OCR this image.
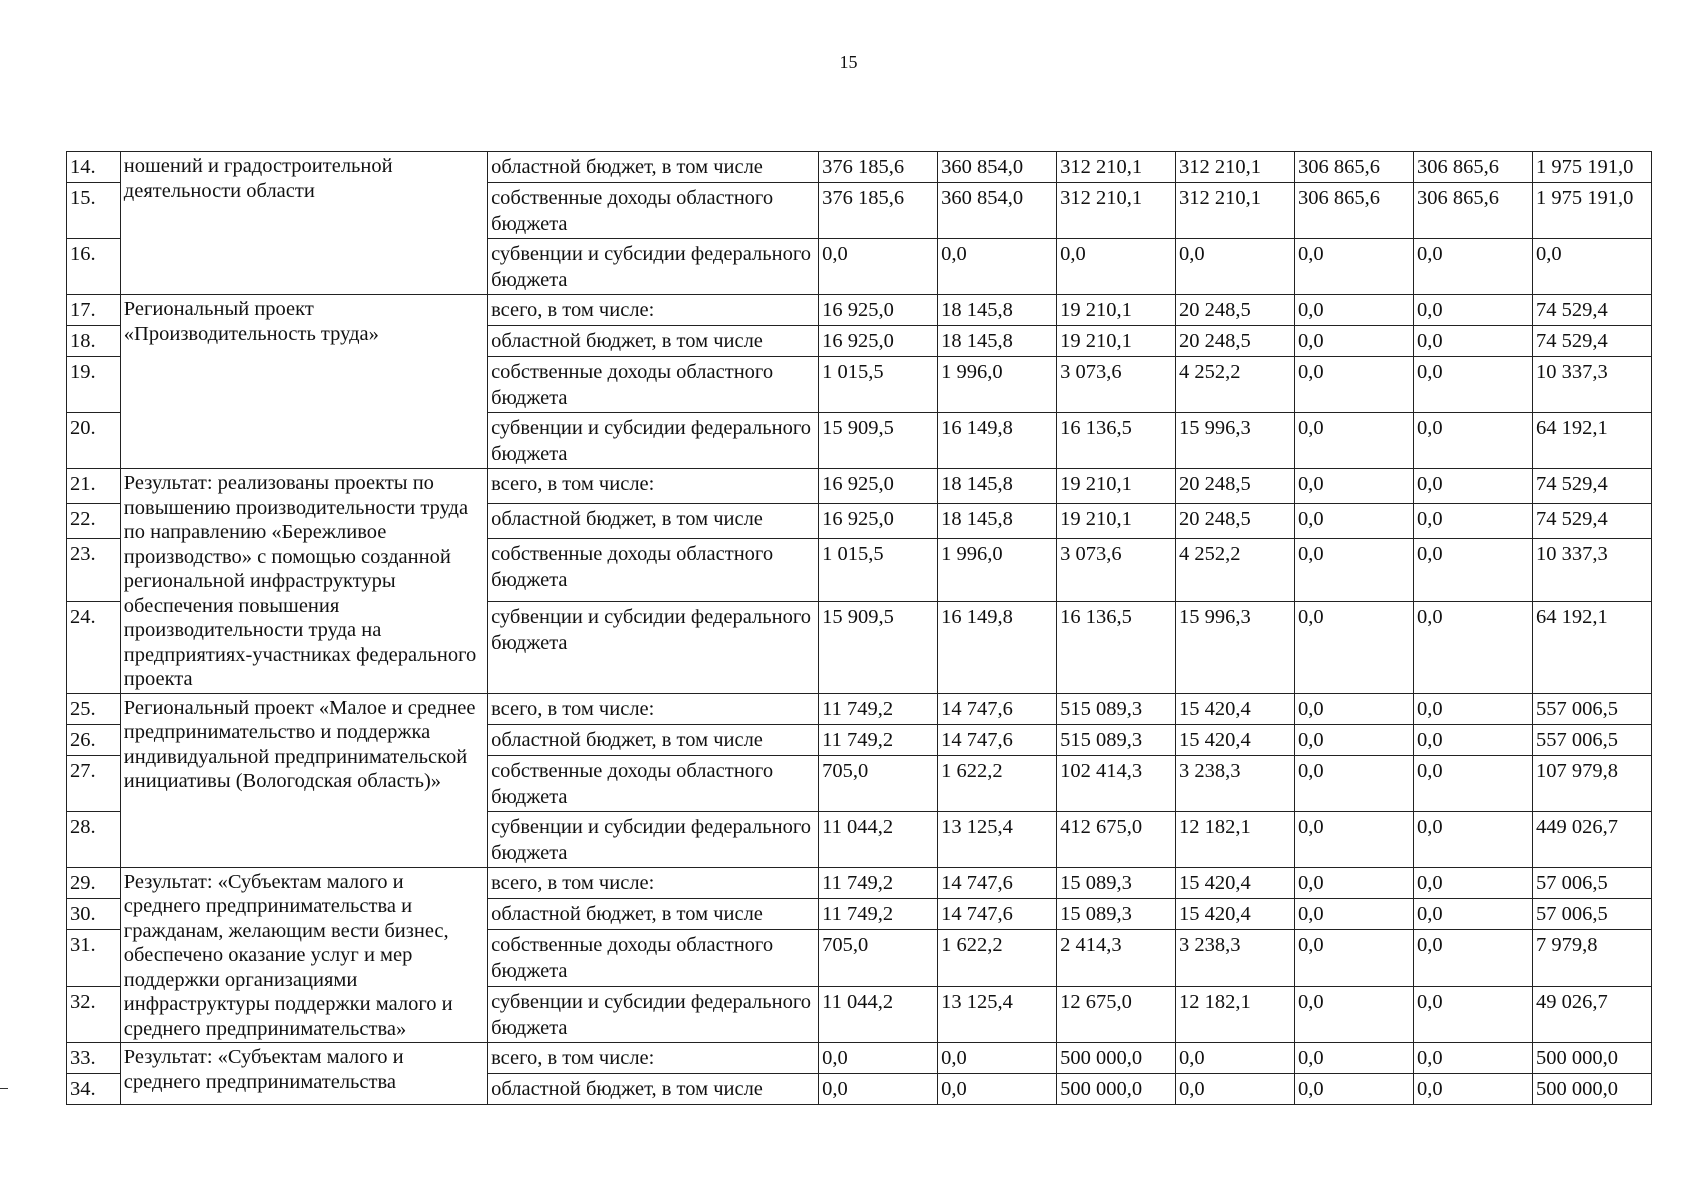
15
14.	ношений и градостроительной деятельности области	областной бюджет, в том числе	376 185,6	360 854,0	312 210,1	312 210,1	306 865,6	306 865,6	1 975 191,0
15.		собственные доходы областного бюджета	376 185,6	360 854,0	312 210,1	312 210,1	306 865,6	306 865,6	1 975 191,0
16.		субвенции и субсидии федерального бюджета	0,0	0,0	0,0	0,0	0,0	0,0	0,0
17.	Региональный проект «Производительность труда»	всего, в том числе:	16 925,0	18 145,8	19 210,1	20 248,5	0,0	0,0	74 529,4
18.		областной бюджет, в том числе	16 925,0	18 145,8	19 210,1	20 248,5	0,0	0,0	74 529,4
19.		собственные доходы областного бюджета	1 015,5	1 996,0	3 073,6	4 252,2	0,0	0,0	10 337,3
20.		субвенции и субсидии федерального бюджета	15 909,5	16 149,8	16 136,5	15 996,3	0,0	0,0	64 192,1
21.	Результат: реализованы проекты по повышению производительности труда по направлению «Бережливое производство» с помощью созданной региональной инфраструктуры обеспечения повышения производительности труда на предприятиях-участниках федерального проекта	всего, в том числе:	16 925,0	18 145,8	19 210,1	20 248,5	0,0	0,0	74 529,4
22.		областной бюджет, в том числе	16 925,0	18 145,8	19 210,1	20 248,5	0,0	0,0	74 529,4
23.		собственные доходы областного бюджета	1 015,5	1 996,0	3 073,6	4 252,2	0,0	0,0	10 337,3
24.		субвенции и субсидии федерального бюджета	15 909,5	16 149,8	16 136,5	15 996,3	0,0	0,0	64 192,1
25.	Региональный проект «Малое и среднее предпринимательство и поддержка индивидуальной предпринимательской инициативы (Вологодская область)»	всего, в том числе:	11 749,2	14 747,6	515 089,3	15 420,4	0,0	0,0	557 006,5
26.		областной бюджет, в том числе	11 749,2	14 747,6	515 089,3	15 420,4	0,0	0,0	557 006,5
27.		собственные доходы областного бюджета	705,0	1 622,2	102 414,3	3 238,3	0,0	0,0	107 979,8
28.		субвенции и субсидии федерального бюджета	11 044,2	13 125,4	412 675,0	12 182,1	0,0	0,0	449 026,7
29.	Результат: «Субъектам малого и среднего предпринимательства и гражданам, желающим вести бизнес, обеспечено оказание услуг и мер поддержки организациями инфраструктуры поддержки малого и среднего предпринимательства»	всего, в том числе:	11 749,2	14 747,6	15 089,3	15 420,4	0,0	0,0	57 006,5
30.		областной бюджет, в том числе	11 749,2	14 747,6	15 089,3	15 420,4	0,0	0,0	57 006,5
31.		собственные доходы областного бюджета	705,0	1 622,2	2 414,3	3 238,3	0,0	0,0	7 979,8
32.		субвенции и субсидии федерального бюджета	11 044,2	13 125,4	12 675,0	12 182,1	0,0	0,0	49 026,7
33.	Результат: «Субъектам малого и среднего предпринимательства	всего, в том числе:	0,0	0,0	500 000,0	0,0	0,0	0,0	500 000,0
34.		областной бюджет, в том числе	0,0	0,0	500 000,0	0,0	0,0	0,0	500 000,0
